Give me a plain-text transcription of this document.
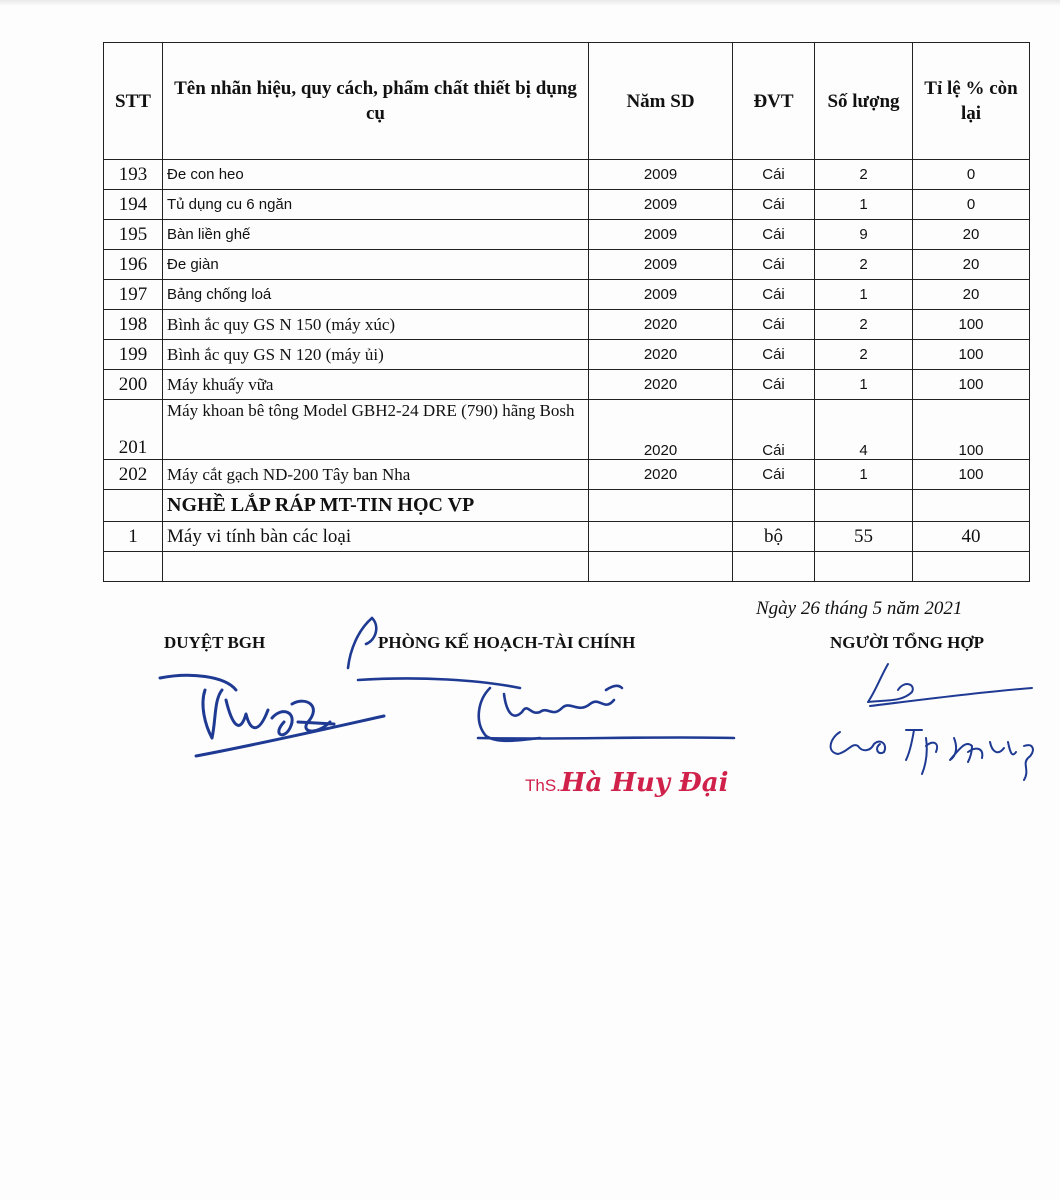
STT	Tên nhãn hiệu, quy cách, phẩm chất thiết bị dụng cụ	Năm SD	ĐVT	Số lượng	Tỉ lệ % còn lại
193	Đe con heo	2009	Cái	2	0
194	Tủ dụng cu 6 ngăn	2009	Cái	1	0
195	Bàn liền ghế	2009	Cái	9	20
196	Đe giàn	2009	Cái	2	20
197	Bảng chống loá	2009	Cái	1	20
198	Bình ắc quy GS N 150 (máy xúc)	2020	Cái	2	100
199	Bình ắc quy GS N 120 (máy ủi)	2020	Cái	2	100
200	Máy khuấy vữa	2020	Cái	1	100
201	Máy khoan bê tông Model GBH2-24 DRE (790) hãng Bosh	2020	Cái	4	100
202	Máy cắt gạch ND-200 Tây ban Nha	2020	Cái	1	100
	NGHỀ LẮP RÁP MT-TIN HỌC VP				
1	Máy vi tính bàn các loại		bộ	55	40

DUYỆT BGH	PHÒNG KẾ HOẠCH-TÀI CHÍNH
Ngày 26 tháng 5 năm 2021
NGƯỜI TỔNG HỢP
ThS.Hà Huy Đại
